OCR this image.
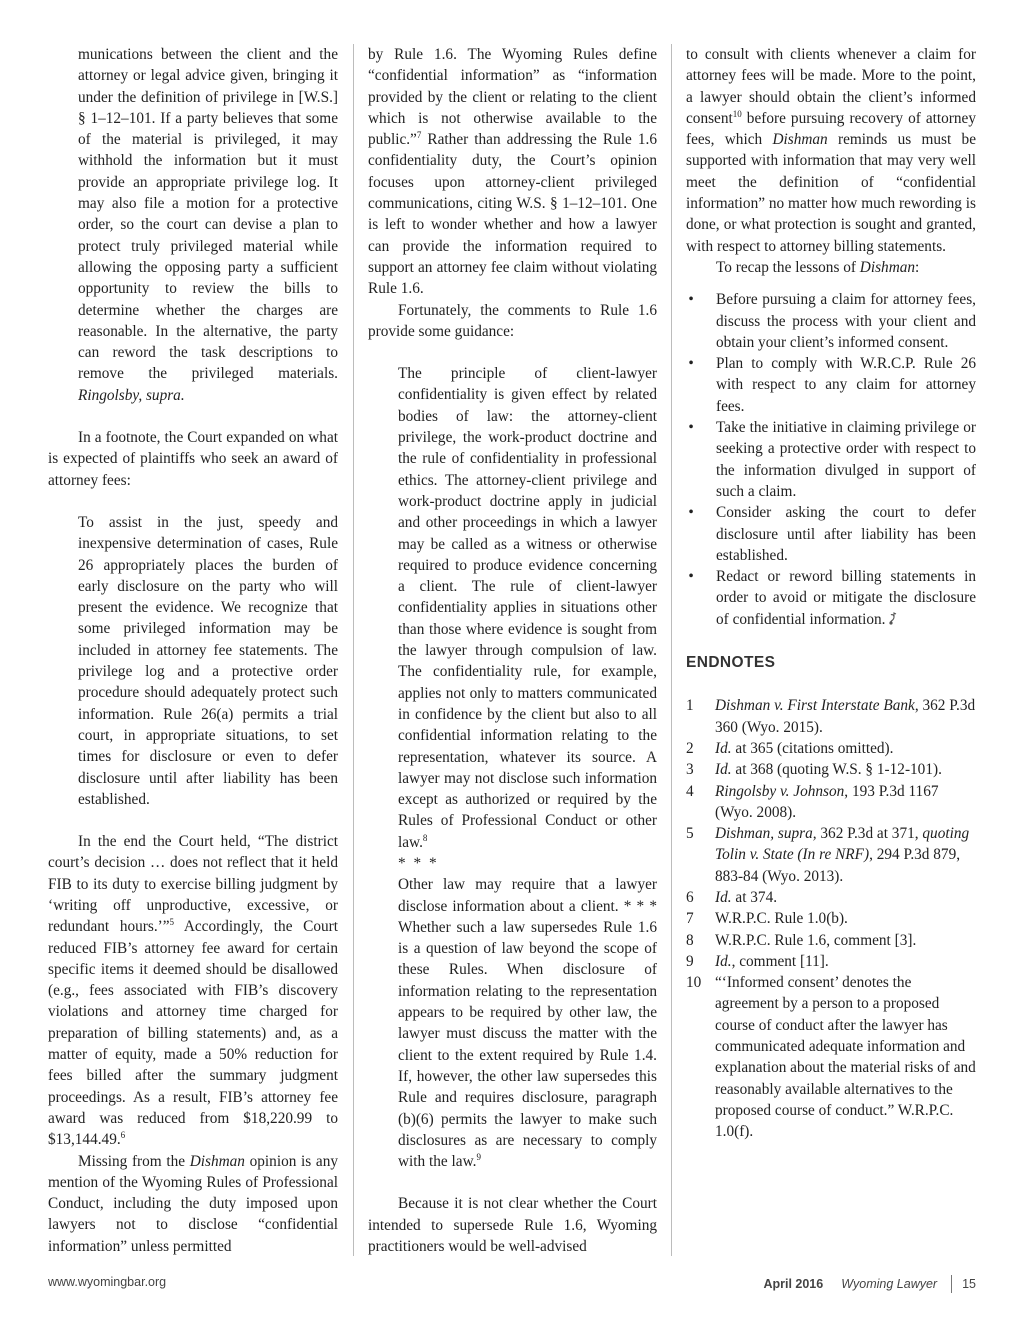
munications between the client and the attorney or legal advice given, bringing it under the definition of privilege in [W.S.] § 1–12–101. If a party believes that some of the material is privileged, it may withhold the information but it must provide an appropriate privilege log. It may also file a motion for a protective order, so the court can devise a plan to protect truly privileged material while allowing the opposing party a sufficient opportunity to review the bills to determine whether the charges are reasonable. In the alternative, the party can reword the task descriptions to remove the privileged materials. Ringolsby, supra.

In a footnote, the Court expanded on what is expected of plaintiffs who seek an award of attorney fees:

To assist in the just, speedy and inexpensive determination of cases, Rule 26 appropriately places the burden of early disclosure on the party who will present the evidence. We recognize that some privileged information may be included in attorney fee statements. The privilege log and a protective order procedure should adequately protect such information. Rule 26(a) permits a trial court, in appropriate situations, to set times for disclosure or even to defer disclosure until after liability has been established.

In the end the Court held, “The district court’s decision … does not reflect that it held FIB to its duty to exercise billing judgment by ‘writing off unproductive, excessive, or redundant hours.’”$^5$ Accordingly, the Court reduced FIB’s attorney fee award for certain specific items it deemed should be disallowed (e.g., fees associated with FIB’s discovery violations and attorney time charged for preparation of billing statements) and, as a matter of equity, made a 50% reduction for fees billed after the summary judgment proceedings. As a result, FIB’s attorney fee award was reduced from $18,220.99 to $13,144.49.$^6$

Missing from the Dishman opinion is any mention of the Wyoming Rules of Professional Conduct, including the duty imposed upon lawyers not to disclose “confidential information” unless permitted

by Rule 1.6. The Wyoming Rules define “confidential information” as “information provided by the client or relating to the client which is not otherwise available to the public.”$^7$ Rather than addressing the Rule 1.6 confidentiality duty, the Court’s opinion focuses upon attorney-client privileged communications, citing W.S. § 1–12–101. One is left to wonder whether and how a lawyer can provide the information required to support an attorney fee claim without violating Rule 1.6.

Fortunately, the comments to Rule 1.6 provide some guidance:

The principle of client-lawyer confidentiality is given effect by related bodies of law: the attorney-client privilege, the work-product doctrine and the rule of confidentiality in professional ethics. The attorney-client privilege and work-product doctrine apply in judicial and other proceedings in which a lawyer may be called as a witness or otherwise required to produce evidence concerning a client. The rule of client-lawyer confidentiality applies in situations other than those where evidence is sought from the lawyer through compulsion of law. The confidentiality rule, for example, applies not only to matters communicated in confidence by the client but also to all confidential information relating to the representation, whatever its source. A lawyer may not disclose such information except as authorized or required by the Rules of Professional Conduct or other law.$^8$

* * *

Other law may require that a lawyer disclose information about a client. * * * Whether such a law supersedes Rule 1.6 is a question of law beyond the scope of these Rules. When disclosure of information relating to the representation appears to be required by other law, the lawyer must discuss the matter with the client to the extent required by Rule 1.4. If, however, the other law supersedes this Rule and requires disclosure, paragraph (b)(6) permits the lawyer to make such disclosures as are necessary to comply with the law.$^9$

Because it is not clear whether the Court intended to supersede Rule 1.6, Wyoming practitioners would be well-advised

to consult with clients whenever a claim for attorney fees will be made. More to the point, a lawyer should obtain the client’s informed consent$^{10}$ before pursuing recovery of attorney fees, which Dishman reminds us must be supported with information that may very well meet the definition of “confidential information” no matter how much rewording is done, or what protection is sought and granted, with respect to attorney billing statements.

To recap the lessons of Dishman:

• Before pursuing a claim for attorney fees, discuss the process with your client and obtain your client’s informed consent.
• Plan to comply with W.R.C.P. Rule 26 with respect to any claim for attorney fees.
• Take the initiative in claiming privilege or seeking a protective order with respect to the information divulged in support of such a claim.
• Consider asking the court to defer disclosure until after liability has been established.
• Redact or reword billing statements in order to avoid or mitigate the disclosure of confidential information.
ENDNOTES
1 Dishman v. First Interstate Bank, 362 P.3d 360 (Wyo. 2015).
2 Id. at 365 (citations omitted).
3 Id. at 368 (quoting W.S. § 1-12-101).
4 Ringolsby v. Johnson, 193 P.3d 1167 (Wyo. 2008).
5 Dishman, supra, 362 P.3d at 371, quoting Tolin v. State (In re NRF), 294 P.3d 879, 883-84 (Wyo. 2013).
6 Id. at 374.
7 W.R.P.C. Rule 1.0(b).
8 W.R.P.C. Rule 1.6, comment [3].
9 Id., comment [11].
10 “‘Informed consent’ denotes the agreement by a person to a proposed course of conduct after the lawyer has communicated adequate information and explanation about the material risks of and reasonably available alternatives to the proposed course of conduct.” W.R.P.C. 1.0(f).
www.wyomingbar.org	April 2016 Wyoming Lawyer 15
